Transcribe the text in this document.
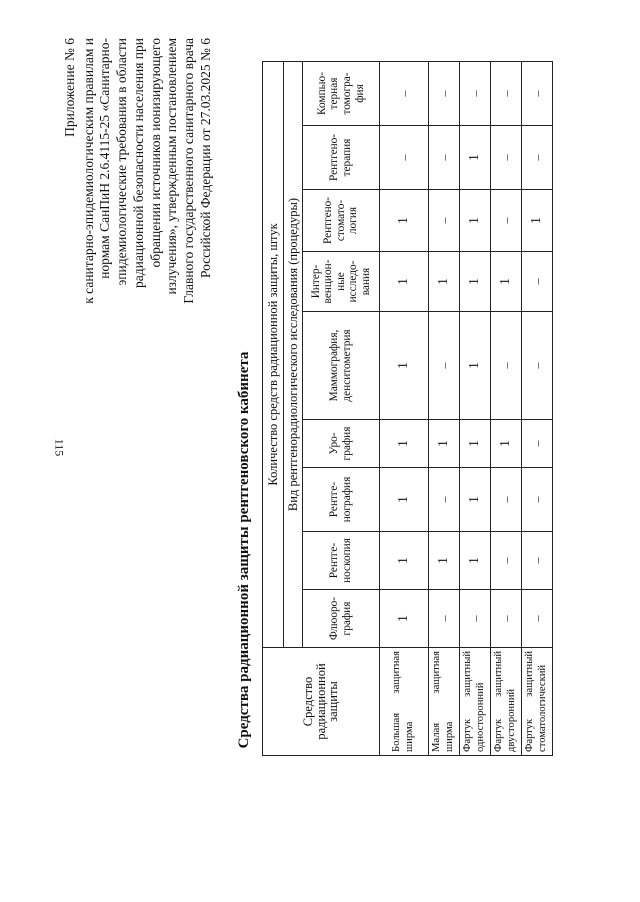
115
Приложение № 6 к санитарно-эпидемиологическим правилам и нормам СанПиН 2.6.4115-25 «Санитарно- эпидемиологические требования в области радиационной безопасности населения при обращении источников ионизирующего излучения», утвержденным постановлением Главного государственного санитарного врача Российской Федерации от 27.03.2025 № 6
Средства радиационной защиты рентгеновского кабинета	Средство радиационной защиты	Количество средств радиационной защиты, штук								
	Вид рентгенорадиологического исследования (процедуры)								
	Флюоро-графия	Рентге-носкопия	Рентге-нография	Уро-графия	Маммография, денситометрия	Интер-венцион-ные исследо-вания	Рентгено-стомато-логия	Рентгено-терапия	Компью-терная томогра-фия

Большая
защитная
ширма	1	1	1	1	1	1	1	–	–

Малая
защитная
ширма	–	1	–	1	–	1	–	–	–

Фартук
защитный
односторонний	–	1	1	1	1	1	1	1	–

Фартук
защитный
двусторонний	–	–	–	1	–	1	–	–	–

Фартук
защитный стоматологический	–	–	–	–	–	–	1	–	–
